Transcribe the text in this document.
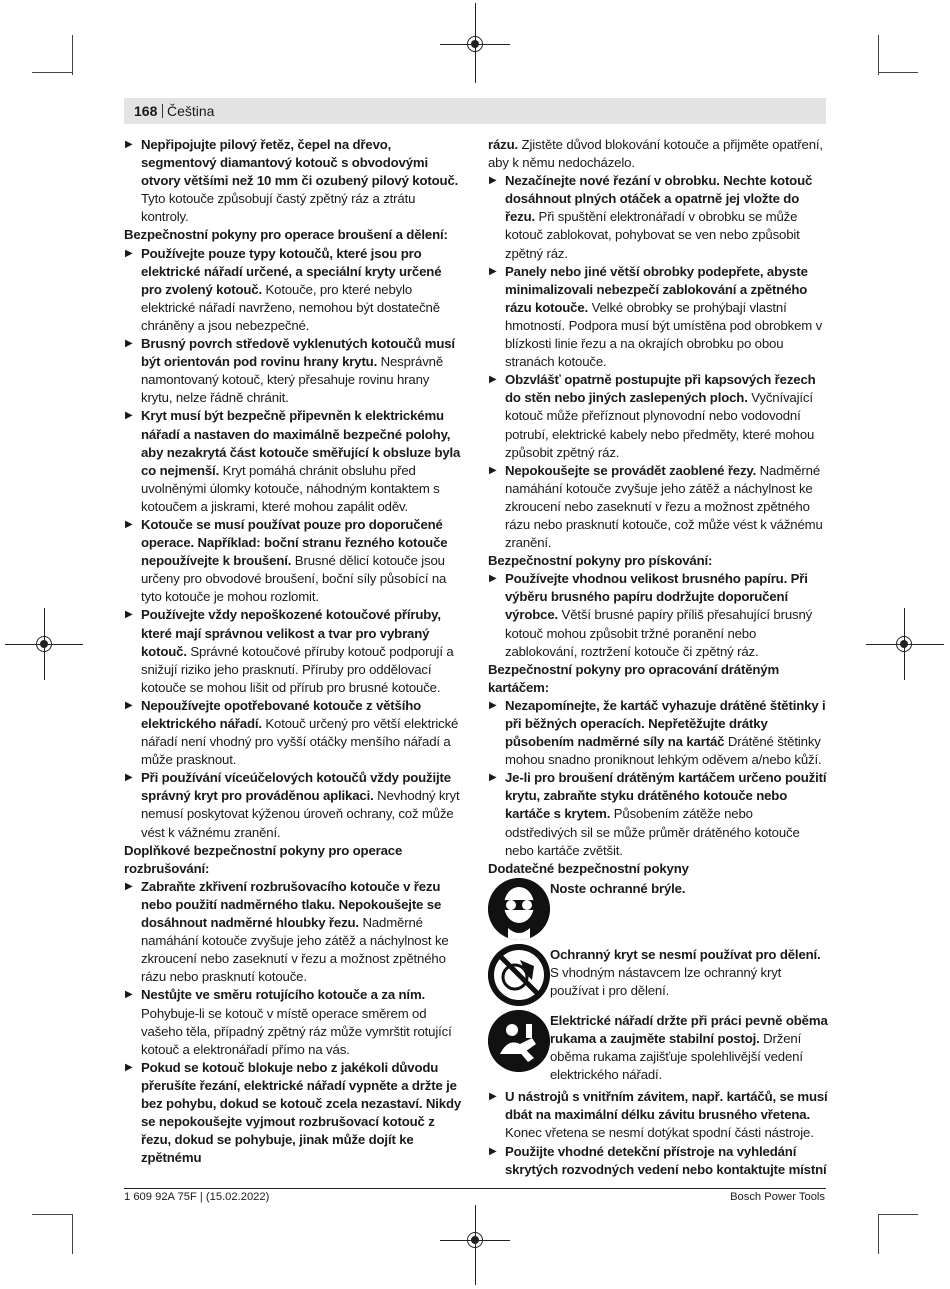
168 Čeština

▶ Nepřipojujte pilový řetěz, čepel na dřevo, segmentový diamantový kotouč s obvodovými otvory většími než 10 mm či ozubený pilový kotouč. Tyto kotouče způsobují častý zpětný ráz a ztrátu kontroly.

Bezpečnostní pokyny pro operace broušení a dělení:

▶ Používejte pouze typy kotoučů, které jsou pro elektrické nářadí určené, a speciální kryty určené pro zvolený kotouč. Kotouče, pro které nebylo elektrické nářadí navrženo, nemohou být dostatečně chráněny a jsou nebezpečné.

▶ Brusný povrch středově vyklenutých kotoučů musí být orientován pod rovinu hrany krytu. Nesprávně namontovaný kotouč, který přesahuje rovinu hrany krytu, nelze řádně chránit.

▶ Kryt musí být bezpečně připevněn k elektrickému nářadí a nastaven do maximálně bezpečné polohy, aby nezakrytá část kotouče směřující k obsluze byla co nejmenší. Kryt pomáhá chránit obsluhu před uvolněnými úlomky kotouče, náhodným kontaktem s kotoučem a jiskrami, které mohou zapálit oděv.

▶ Kotouče se musí používat pouze pro doporučené operace. Například: boční stranu řezného kotouče nepoužívejte k broušení. Brusné dělicí kotouče jsou určeny pro obvodové broušení, boční síly působící na tyto kotouče je mohou rozlomit.

▶ Používejte vždy nepoškozené kotoučové příruby, které mají správnou velikost a tvar pro vybraný kotouč. Správné kotoučové příruby kotouč podporují a snižují riziko jeho prasknutí. Příruby pro oddělovací kotouče se mohou lišit od přírub pro brusné kotouče.

▶ Nepoužívejte opotřebované kotouče z většího elektrického nářadí. Kotouč určený pro větší elektrické nářadí není vhodný pro vyšší otáčky menšího nářadí a může prasknout.

▶ Při používání víceúčelových kotoučů vždy použijte správný kryt pro prováděnou aplikaci. Nevhodný kryt nemusí poskytovat kýženou úroveň ochrany, což může vést k vážnému zranění.

Doplňkové bezpečnostní pokyny pro operace rozbrušování:

▶ Zabraňte zkřivení rozbrušovacího kotouče v řezu nebo použití nadměrného tlaku. Nepokoušejte se dosáhnout nadměrné hloubky řezu. Nadměrné namáhání kotouče zvyšuje jeho zátěž a náchylnost ke zkroucení nebo zaseknutí v řezu a možnost zpětného rázu nebo prasknutí kotouče.

▶ Nestůjte ve směru rotujícího kotouče a za ním. Pohybuje-li se kotouč v místě operace směrem od vašeho těla, případný zpětný ráz může vymrštit rotující kotouč a elektronářadí přímo na vás.

▶ Pokud se kotouč blokuje nebo z jakékoli důvodu přerušíte řezání, elektrické nářadí vypněte a držte je bez pohybu, dokud se kotouč zcela nezastaví. Nikdy se nepokoušejte vyjmout rozbrušovací kotouč z řezu, dokud se pohybuje, jinak může dojít ke zpětnému

rázu. Zjistěte důvod blokování kotouče a přijměte opatření, aby k němu nedocházelo.

▶ Nezačínejte nové řezání v obrobku. Nechte kotouč dosáhnout plných otáček a opatrně jej vložte do řezu. Při spuštění elektronářadí v obrobku se může kotouč zablokovat, pohybovat se ven nebo způsobit zpětný ráz.

▶ Panely nebo jiné větší obrobky podepřete, abyste minimalizovali nebezpečí zablokování a zpětného rázu kotouče. Velké obrobky se prohýbají vlastní hmotností. Podpora musí být umístěna pod obrobkem v blízkosti linie řezu a na okrajích obrobku po obou stranách kotouče.

▶ Obzvlášť opatrně postupujte při kapsových řezech do stěn nebo jiných zaslepených ploch. Vyčnívající kotouč může přeříznout plynovodní nebo vodovodní potrubí, elektrické kabely nebo předměty, které mohou způsobit zpětný ráz.

▶ Nepokoušejte se provádět zaoblené řezy. Nadměrné namáhání kotouče zvyšuje jeho zátěž a náchylnost ke zkroucení nebo zaseknutí v řezu a možnost zpětného rázu nebo prasknutí kotouče, což může vést k vážnému zranění.

Bezpečnostní pokyny pro pískování:

▶ Používejte vhodnou velikost brusného papíru. Při výběru brusného papíru dodržujte doporučení výrobce. Větší brusné papíry příliš přesahující brusný kotouč mohou způsobit tržné poranění nebo zablokování, roztržení kotouče či zpětný ráz.

Bezpečnostní pokyny pro opracování drátěným kartáčem:

▶ Nezapomínejte, že kartáč vyhazuje drátěné štětinky i při běžných operacích. Nepřetěžujte drátky působením nadměrné síly na kartáč Drátěné štětinky mohou snadno proniknout lehkým oděvem a/nebo kůží.

▶ Je-li pro broušení drátěným kartáčem určeno použití krytu, zabraňte styku drátěného kotouče nebo kartáče s krytem. Působením zátěže nebo odstředivých sil se může průměr drátěného kotouče nebo kartáče zvětšit.

Dodatečné bezpečnostní pokyny

Noste ochranné brýle.

Ochranný kryt se nesmí používat pro dělení. S vhodným nástavcem lze ochranný kryt používat i pro dělení.

Elektrické nářadí držte při práci pevně oběma rukama a zaujměte stabilní postoj. Držení oběma rukama zajišťuje spolehlivější vedení elektrického nářadí.

▶ U nástrojů s vnitřním závitem, např. kartáčů, se musí dbát na maximální délku závitu brusného vřetena. Konec vřetena se nesmí dotýkat spodní části nástroje.

▶ Použijte vhodné detekční přístroje na vyhledání skrytých rozvodných vedení nebo kontaktujte místní

1 609 92A 75F | (15.02.2022)	Bosch Power Tools
